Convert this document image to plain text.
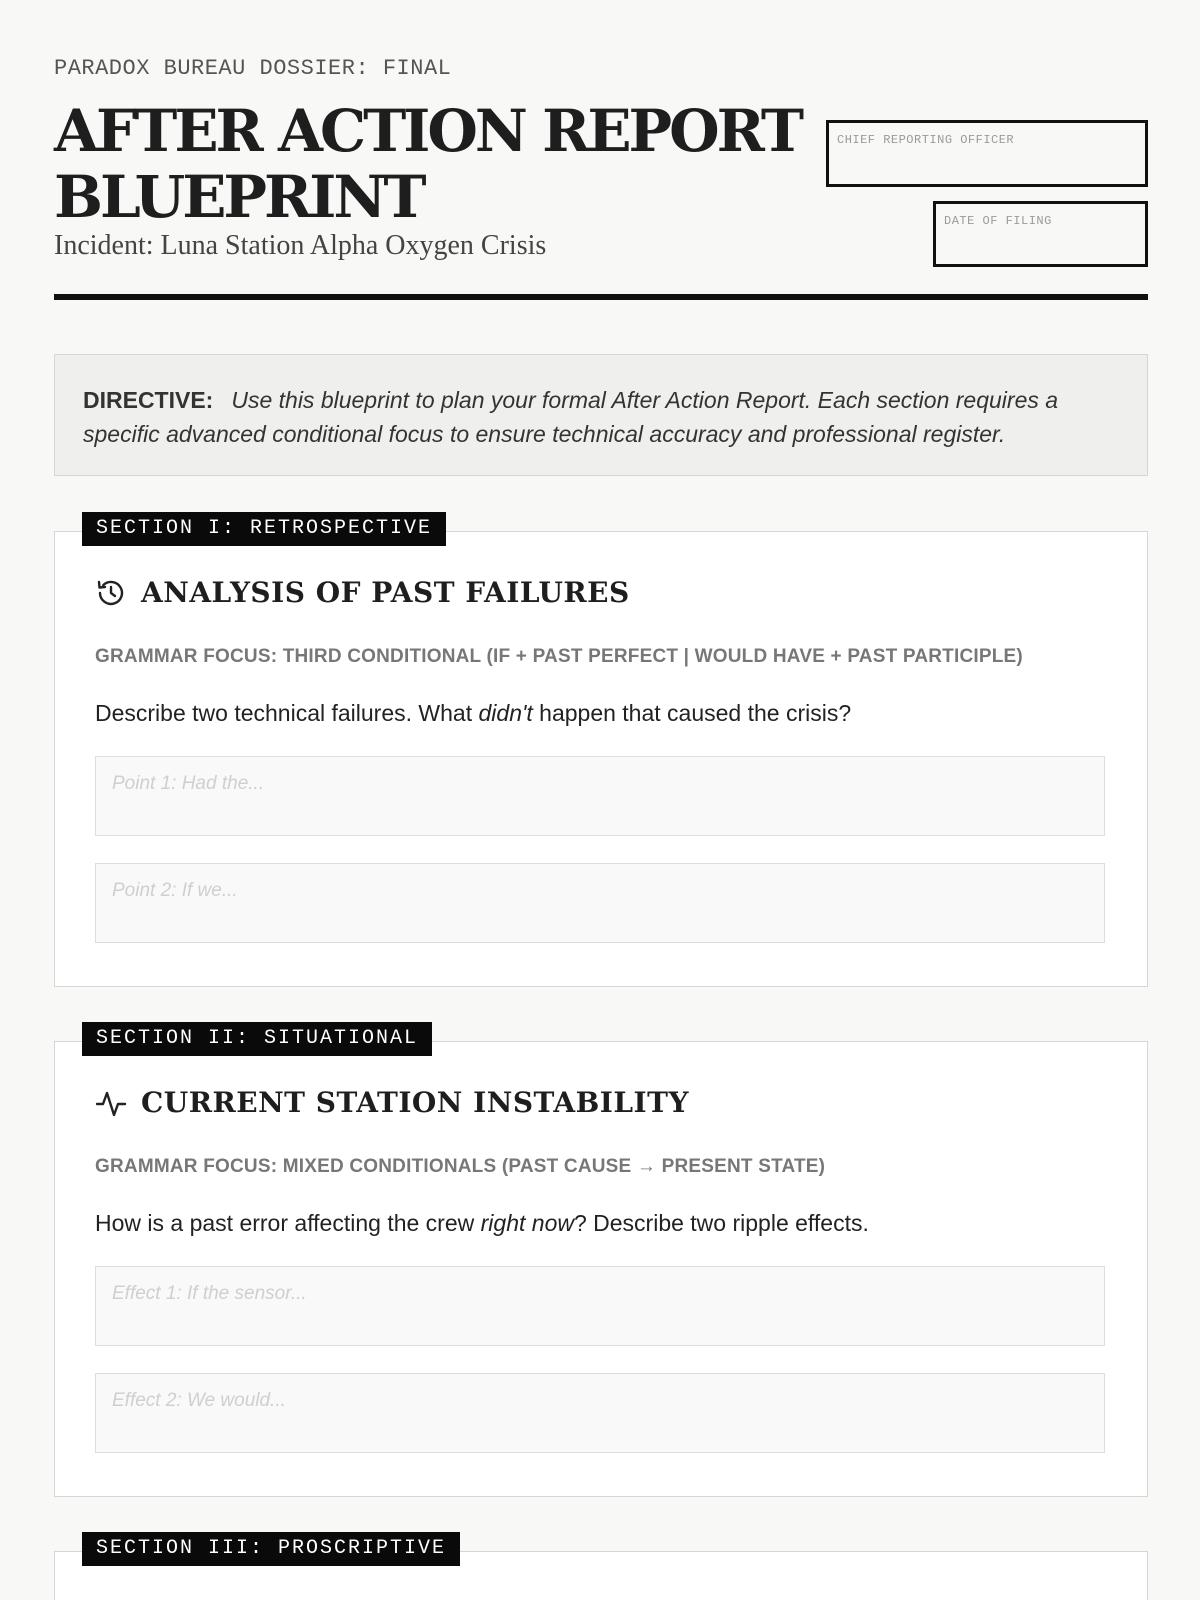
PARADOX BUREAU DOSSIER: FINAL
AFTER ACTION REPORT BLUEPRINT
Incident: Luna Station Alpha Oxygen Crisis
CHIEF REPORTING OFFICER
DATE OF FILING
DIRECTIVE: Use this blueprint to plan your formal After Action Report. Each section requires a specific advanced conditional focus to ensure technical accuracy and professional register.
ANALYSIS OF PAST FAILURES
GRAMMAR FOCUS: THIRD CONDITIONAL (IF + PAST PERFECT | WOULD HAVE + PAST PARTICIPLE)
Describe two technical failures. What didn't happen that caused the crisis?
Point 1: Had the...
Point 2: If we...
SECTION I: RETROSPECTIVE
CURRENT STATION INSTABILITY
GRAMMAR FOCUS: MIXED CONDITIONALS (PAST CAUSE → PRESENT STATE)
How is a past error affecting the crew right now? Describe two ripple effects.
Effect 1: If the sensor...
Effect 2: We would...
SECTION II: SITUATIONAL
SECTION III: PROSCRIPTIVE
